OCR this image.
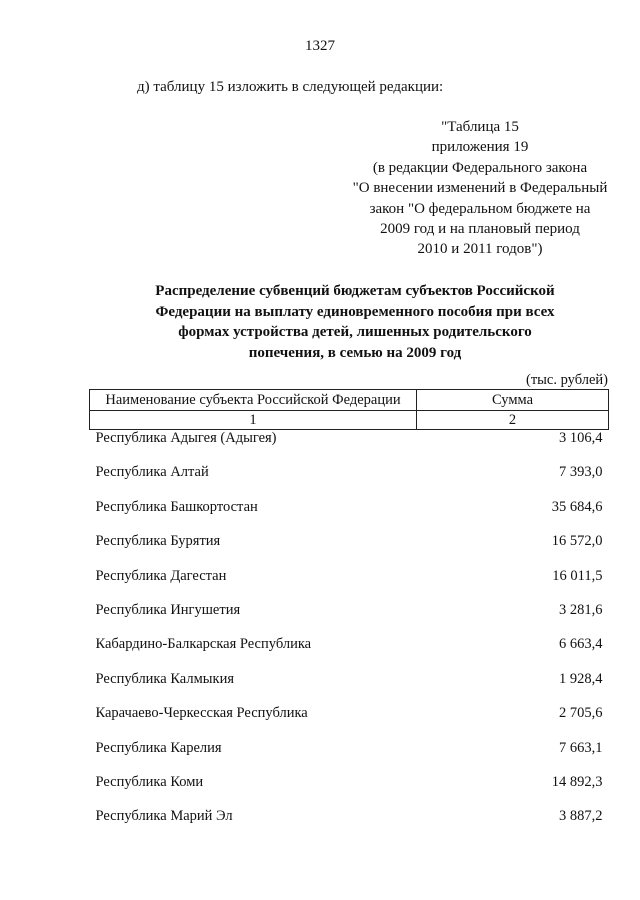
1327
д) таблицу 15 изложить в следующей редакции:
"Таблица 15
приложения 19
(в редакции Федерального закона
"О внесении изменений в Федеральный
закон "О федеральном бюджете на
2009 год и на плановый период
2010 и 2011 годов")
Распределение субвенций бюджетам субъектов Российской
Федерации на выплату единовременного пособия при всех
формах устройства детей, лишенных родительского
попечения, в семью на 2009 год
(тыс. рублей)
Наименование субъекта Российской Федерации	Сумма
1	2
Республика Адыгея (Адыгея)	3 106,4
Республика Алтай	7 393,0
Республика Башкортостан	35 684,6
Республика Бурятия	16 572,0
Республика Дагестан	16 011,5
Республика Ингушетия	3 281,6
Кабардино-Балкарская Республика	6 663,4
Республика Калмыкия	1 928,4
Карачаево-Черкесская Республика	2 705,6
Республика Карелия	7 663,1
Республика Коми	14 892,3
Республика Марий Эл	3 887,2
